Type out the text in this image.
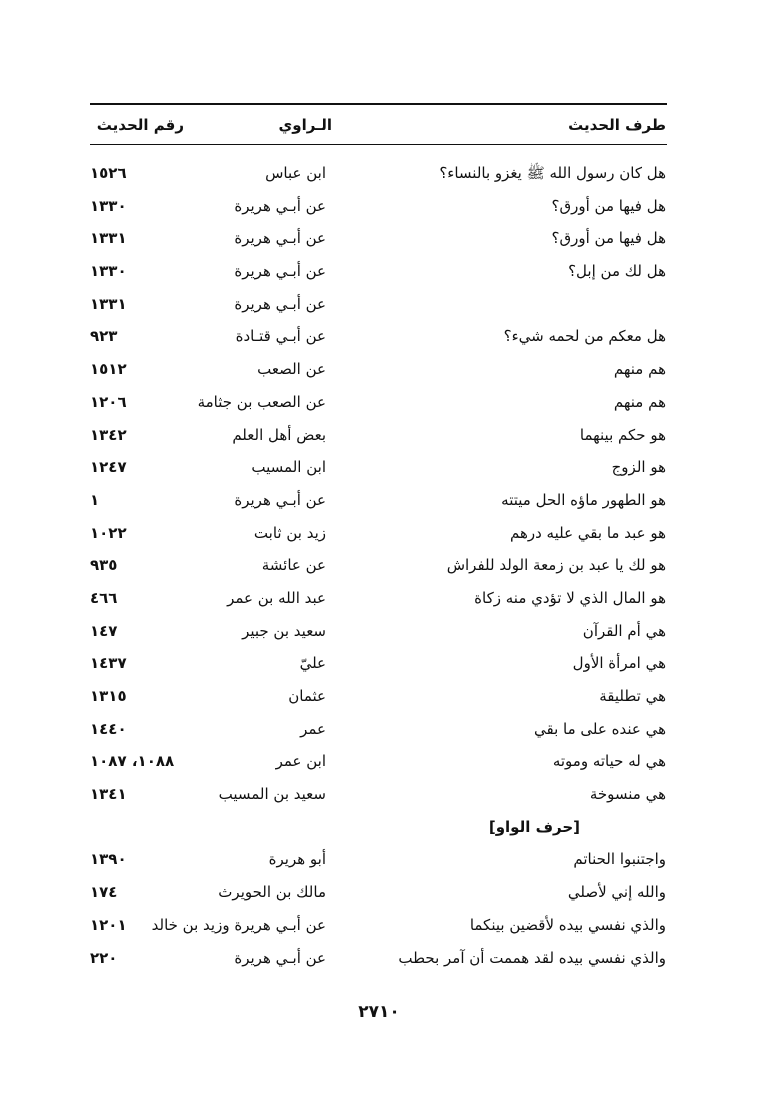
طرف الحديث
الـراوي
رقم الحديث
هل كان رسول الله ﷺ يغزو بالنساء؟
ابن عباس
١٥٢٦
هل فيها من أورق؟
عن أبـي هريرة
١٣٣٠
هل فيها من أورق؟
عن أبـي هريرة
١٣٣١
هل لك من إبل؟
عن أبـي هريرة
١٣٣٠
عن أبـي هريرة
١٣٣١
هل معكم من لحمه شيء؟
عن أبـي قتـادة
٩٢٣
هم منهم
عن الصعب
١٥١٢
هم منهم
عن الصعب بن جثامة
١٢٠٦
هو حكم بينهما
بعض أهل العلم
١٣٤٢
هو الزوج
ابن المسيب
١٢٤٧
هو الطهور ماؤه الحل ميتته
عن أبـي هريرة
١
هو عبد ما بقي عليه درهم
زيد بن ثابت
١٠٢٢
هو لك يا عبد بن زمعة الولد للفراش
عن عائشة
٩٣٥
هو المال الذي لا تؤدي منه زكاة
عبد الله بن عمر
٤٦٦
هي أم القرآن
سعيد بن جبير
١٤٧
هي امرأة الأول
عليّ
١٤٣٧
هي تطليقة
عثمان
١٣١٥
هي عنده على ما بقي
عمر
١٤٤٠
هي له حياته وموته
ابن عمر
١٠٨٨، ١٠٨٧
هي منسوخة
سعيد بن المسيب
١٣٤١
[حرف الواو]
واجتنبوا الحناتم
أبو هريرة
١٣٩٠
والله إني لأصلي
مالك بن الحويرث
١٧٤
والذي نفسي بيده لأقضين بينكما
عن أبـي هريرة وزيد بن خالد
١٢٠١
والذي نفسي بيده لقد هممت أن آمر بحطب
عن أبـي هريرة
٢٢٠
٢٧١٠
